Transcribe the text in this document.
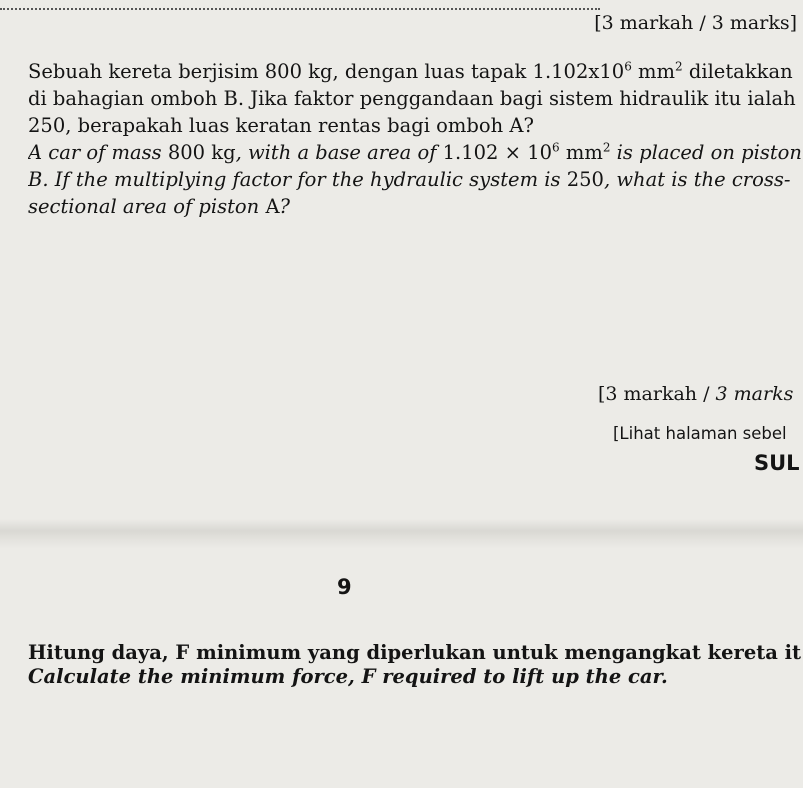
[3 markah / 3 marks]

Sebuah kereta berjisim 800 kg, dengan luas tapak $1.102x10^6$ $mm^2$ diletakkan

di bahagian omboh B. Jika faktor penggandaan bagi sistem hidraulik itu ialah

250, berapakah luas keratan rentas bagi omboh A?

A car of mass 800 kg, with a base area of $1.102 \times 10^6$ $mm^2$ is placed on piston

B. If the multiplying factor for the hydraulic system is 250, what is the cross-

sectional area of piston A?

[3 markah / 3 marks
[Lihat halaman sebel
SUL
9

Hitung daya, F minimum yang diperlukan untuk mengangkat kereta it

Calculate the minimum force, F required to lift up the car.
